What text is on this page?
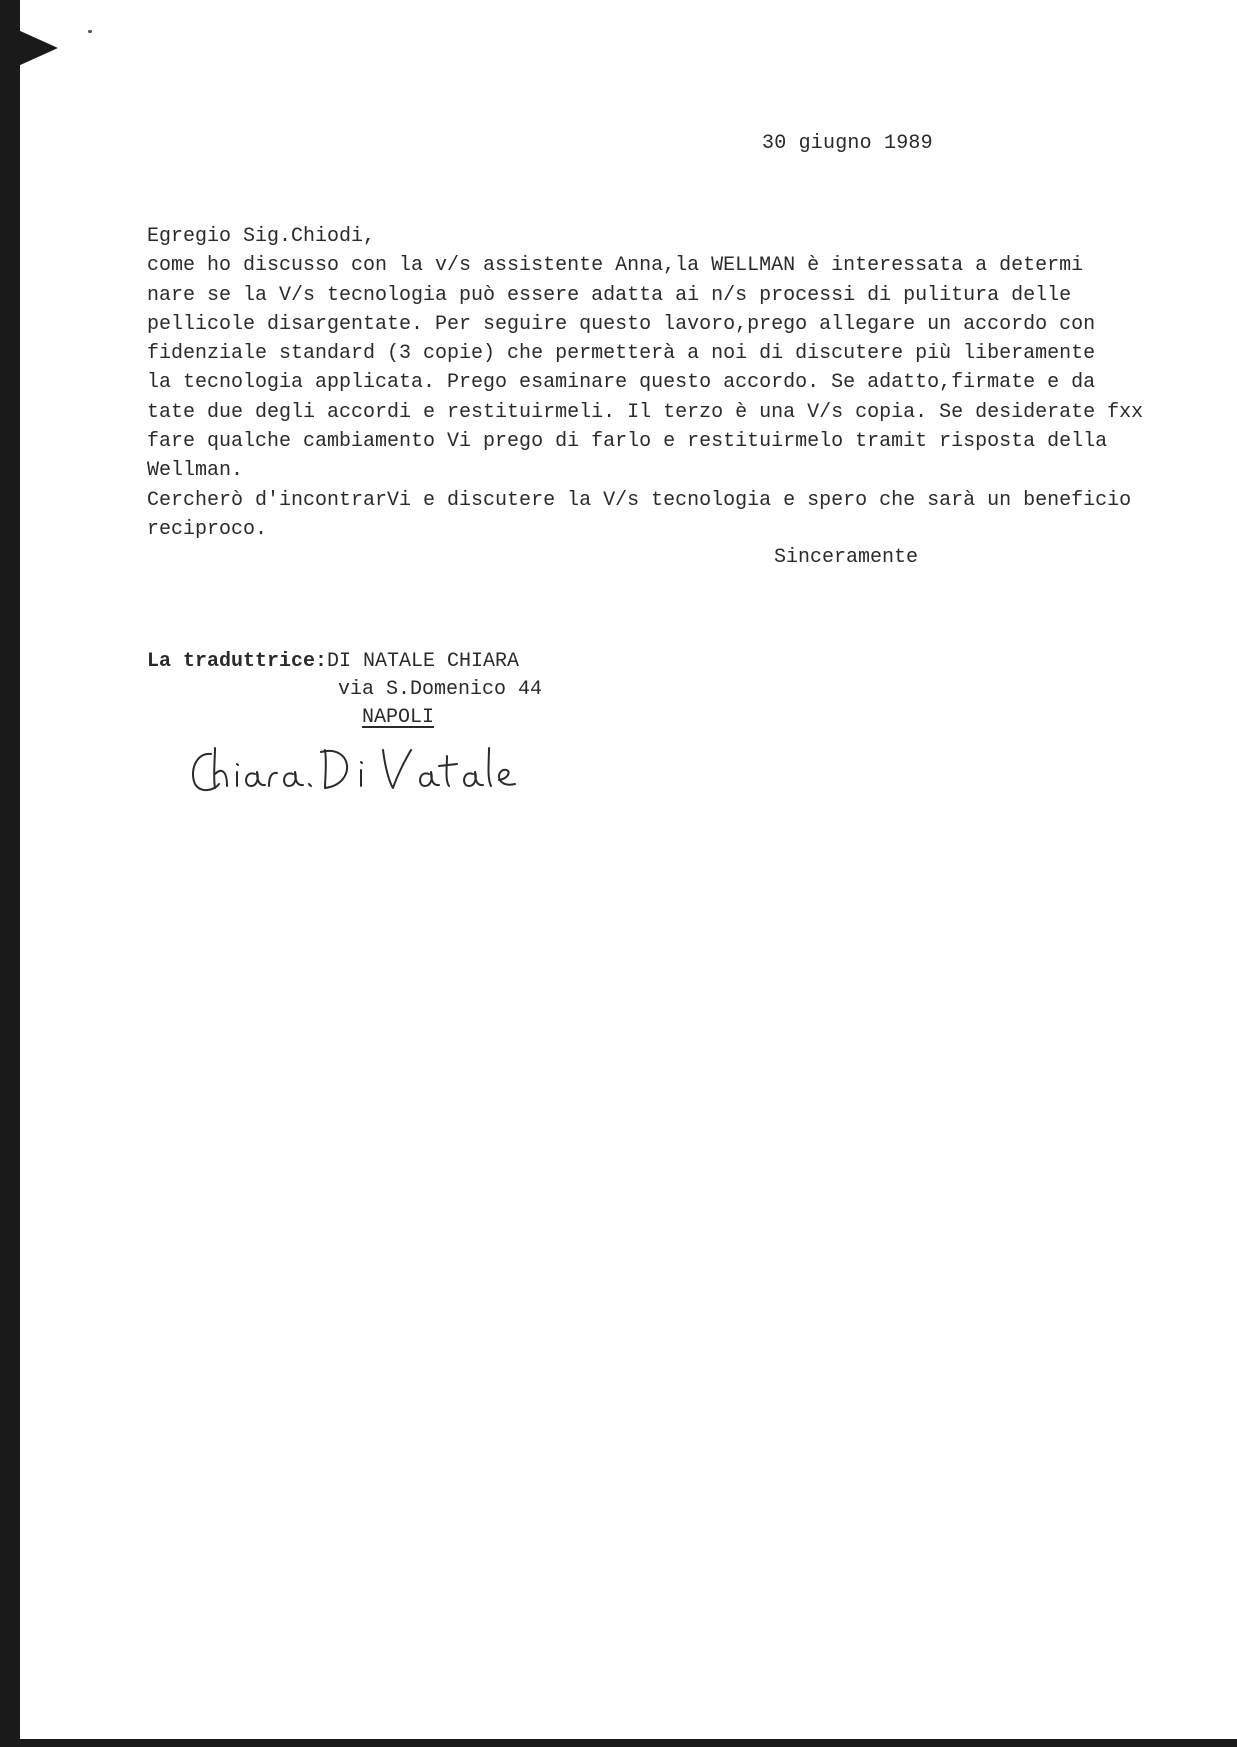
30 giugno 1989
Egregio Sig.Chiodi,
come ho discusso con la v/s assistente Anna,la WELLMAN è interessata a determi
nare se la V/s tecnologia può essere adatta ai n/s processi di pulitura delle
pellicole disargentate. Per seguire questo lavoro,prego allegare un accordo con
fidenziale standard (3 copie) che permetterà a noi di discutere più liberamente
la tecnologia applicata. Prego esaminare questo accordo. Se adatto,firmate e da
tate due degli accordi e restituirmeli. Il terzo è una V/s copia. Se desiderate fxx
fare qualche cambiamento Vi prego di farlo e restituirmelo tramit risposta della
Wellman.
Cercherò d'incontrarVi e discutere la V/s tecnologia e spero che sarà un beneficio
reciproco.
Sinceramente
La traduttrice:DI NATALE CHIARA
via S.Domenico 44
NAPOLI
